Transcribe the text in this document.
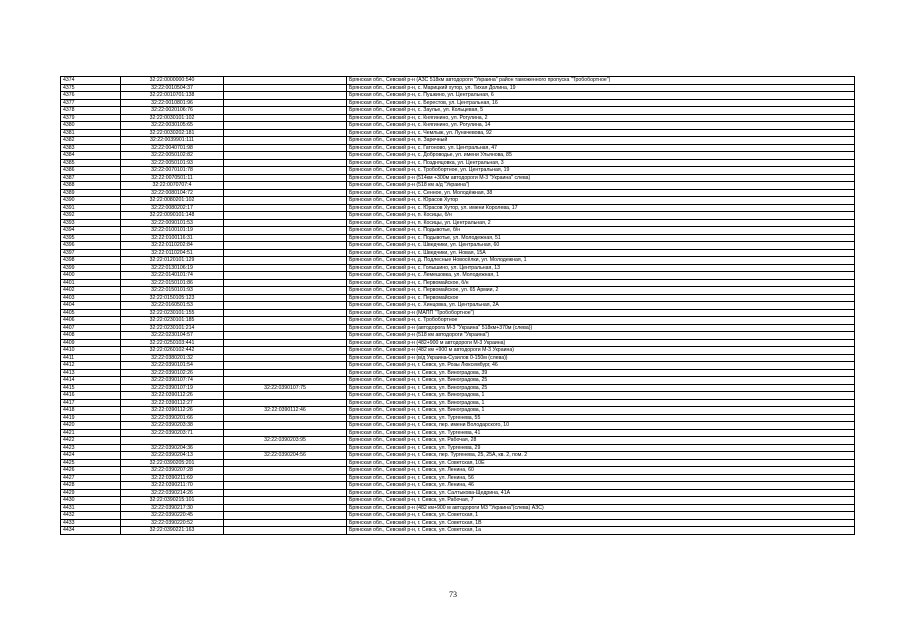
4374	32:22:0000000:540		Брянская обл., Севский р-н (АЗС 518км автодороги "Украина" район таможенного пропуска "Тробобортное")
4375	32:22:0010504:37		Брянская обл., Севский р-н, с. Марицкий хутор, ул. Тихая Долина, 19
4376	32:22:0010701:138		Брянская обл., Севский р-н, с. Пушкино, ул. Центральная, 6
4377	32:22:0010801:96		Брянская обл., Севский р-н, с. Берестов, ул. Центральная, 16
4378	32:22:0020106:76		Брянская обл., Севский р-н, с. Заулье, ул. Кольцевая, 5
4379	32:22:0030101:102		Брянская обл., Севский р-н, с. Княгинино, ул. Рогулина, 2
4380	32:22:0030105:65		Брянская обл., Севский р-н, с. Княгинино, ул. Рогулина, 14
4381	32:22:0030202:181		Брянская обл., Севский р-н, с. Чемлыж, ул. Луначевова, 92
4382	32:22:0039901:111		Брянская обл., Севский р-н, п. Заречный
4383	32:22:0040701:98		Брянская обл., Севский р-н, с. Гатоново, ул. Центральная, 47
4384	32:22:0050102:82		Брянская обл., Севский р-н, с. Доброводье, ул. имени Ульянова, 85
4385	32:22:0050101:93		Брянская обл., Севский р-н, с. Поздняцовка, ул. Центральная, 3
4386	32:22:0070101:78		Брянская обл., Севский р-н, с. Тробобортное, ул. Центральная, 19
4387	32:22:0070501:11		Брянская обл., Севский р-н (514км +300м автодороги М-3 "Украина" слева)
4388	32:22:0070707:4		Брянская обл., Севский р-н (518 км а/д "Украина")
4389	32:22:0080104:72		Брянская обл., Севский р-н, с. Сенное, ул. Молодёжная, 38
4390	32:22:0080201:102		Брянская обл., Севский р-н, с. Юрасов Хутор
4391	32:22:0080202:17		Брянская обл., Севский р-н, с. Юрасов Хутор, ул. имени Королева, 17
4392	32:22:0090101:148		Брянская обл., Севский р-н, п. Косицы, б/н
4393	32:22:0090101:53		Брянская обл., Севский р-н, п. Косицы, ул. Центральная, 2
4394	32:22:0100101:19		Брянская обл., Севский р-н, с. Подывотье, б/н
4395	32:22:0100116:31		Брянская обл., Севский р-н, с. Подывотье, ул. Молодежная, 51
4396	32:22:0110202:84		Брянская обл., Севский р-н, с. Шведчики, ул. Центральная, 60
4397	32:22:0110204:51		Брянская обл., Севский р-н, с. Шведчики, ул. Новая, 15А
4398	32:22:0120101:129		Брянская обл., Севский р-н, д. Подлесные Новосёлки, ул. Молодежная, 1
4399	32:22:0130106:19		Брянская обл., Севский р-н, с. Голышино, ул. Центральная, 13
4400	32:22:0140101:74		Брянская обл., Севский р-н, с. Лемешовка, ул. Молодежная, 1
4401	32:22:0150101:86		Брянская обл., Севский р-н, с. Первомайское, б/н
4402	32:22:0150101:93		Брянская обл., Севский р-н, с. Первомайское, ул. 65 Армии, 2
4403	32:22:0150105:123		Брянская обл., Севский р-н, с. Первомайское
4404	32:22:0160501:53		Брянская обл., Севский р-н, с. Хинцовка, ул. Центральная, 2А
4405	32:22:0230101:155		Брянская обл., Севский р-н (МАПП "Тробобортное")
4406	32:22:0230101:185		Брянская обл., Севский р-н, с. Тробобортное
4407	32:22:0230101:214		Брянская обл., Севский р-н (автодорога М-3 "Украина" 518км+370м (слева))
4408	32:22:0230104:57		Брянская обл., Севский р-н (518 км автодороги "Украина")
4409	32:22:0250103:441		Брянская обл., Севский р-н (482+900 м автодороги М-3 Украина)
4410	32:22:0260102:442		Брянская обл., Севский р-н (482 км +900 м автодороги М-3 Украина)
4411	32:22:0380201:32		Брянская обл., Севский р-н (в/д Украина-Сузилов 0-150м (слева))
4412	32:22:0390101:54		Брянская обл., Севский р-н, г. Севск, ул. Розы Люксембург, 46
4413	32:22:0390102:26		Брянская обл., Севский р-н, г. Севск, ул. Виноградова, 39
4414	32:22:0390107:74		Брянская обл., Севский р-н, г. Севск, ул. Виноградова, 25
4415	32:22:0390107:19	32:22:0390107:75	Брянская обл., Севский р-н, г. Севск, ул. Виноградова, 25
4416	32:22:0390112:26		Брянская обл., Севский р-н, г. Севск, ул. Виноградова, 1
4417	32:22:0390112:27		Брянская обл., Севский р-н, г. Севск, ул. Виноградова, 1
4418	32:22:0390112:26	32:22:0390112:46	Брянская обл., Севский р-н, г. Севск, ул. Виноградова, 1
4419	32:22:0390201:66		Брянская обл., Севский р-н, г. Севск, ул. Тургенева, 55
4420	32:22:0390203:38		Брянская обл., Севский р-н, г. Севск, пер. имени Володарского, 10
4421	32:22:0390203:71		Брянская обл., Севский р-н, г. Севск, ул. Тургенева, 41
4422		32:22:0390203:95	Брянская обл., Севский р-н, г. Севск, ул. Рабочая, 28
4423	32:22:0390204:36		Брянская обл., Севский р-н, г. Севск, ул. Тургенева, 29
4424	32:22:0390204:13	32:22:0390204:56	Брянская обл., Севский р-н, г. Севск, пер. Тургенева, 25, 25А, кв. 2, пом. 2
4425	32:22:0390205:201		Брянская обл., Севский р-н, г. Севск, ул. Советская, 10Е
4426	32:22:0390207:28		Брянская обл., Севский р-н, г. Севск, ул. Ленина, 60
4427	32:22:0390211:69		Брянская обл., Севский р-н, г. Севск, ул. Ленина, 56
4428	32:22:0390211:70		Брянская обл., Севский р-н, г. Севск, ул. Ленина, 46
4429	32:22:0390214:26		Брянская обл., Севский р-н, г. Севск, ул. Салтыкова-Щедрина, 41А
4430	32:22:0390215:101		Брянская обл., Севский р-н, г. Севск, ул. Рабочая, 7
4431	32:22:0390217:30		Брянская обл., Севский р-н (482 км+900 м автодороги М3 "Украина"(слева) АЗС)
4432	32:22:0390220:45		Брянская обл., Севский р-н, г. Севск, ул. Советская, 1
4433	32:22:0390220:52		Брянская обл., Севский р-н, г. Севск, ул. Советская, 1В
4434	32:22:0390221:163		Брянская обл., Севский р-н, г. Севск, ул. Советская, 1а
73
